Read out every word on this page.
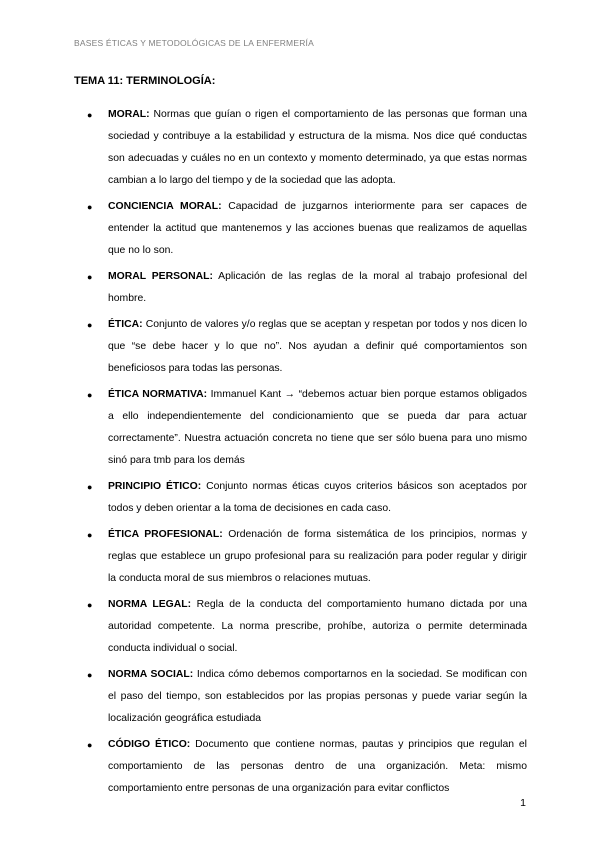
BASES ÉTICAS Y METODOLÓGICAS DE LA ENFERMERÍA
TEMA 11: TERMINOLOGÍA:
● MORAL: Normas que guían o rigen el comportamiento de las personas que forman una sociedad y contribuye a la estabilidad y estructura de la misma. Nos dice qué conductas son adecuadas y cuáles no en un contexto y momento determinado, ya que estas normas cambian a lo largo del tiempo y de la sociedad que las adopta.
● CONCIENCIA MORAL: Capacidad de juzgarnos interiormente para ser capaces de entender la actitud que mantenemos y las acciones buenas que realizamos de aquellas que no lo son.
● MORAL PERSONAL: Aplicación de las reglas de la moral al trabajo profesional del hombre.
● ÉTICA: Conjunto de valores y/o reglas que se aceptan y respetan por todos y nos dicen lo que “se debe hacer y lo que no”. Nos ayudan a definir qué comportamientos son beneficiosos para todas las personas.
● ÉTICA NORMATIVA: Immanuel Kant → “debemos actuar bien porque estamos obligados a ello independientemente del condicionamiento que se pueda dar para actuar correctamente”. Nuestra actuación concreta no tiene que ser sólo buena para uno mismo sinó para tmb para los demás
● PRINCIPIO ÉTICO: Conjunto normas éticas cuyos criterios básicos son aceptados por todos y deben orientar a la toma de decisiones en cada caso.
● ÉTICA PROFESIONAL: Ordenación de forma sistemática de los principios, normas y reglas que establece un grupo profesional para su realización para poder regular y dirigir la conducta moral de sus miembros o relaciones mutuas.
● NORMA LEGAL: Regla de la conducta del comportamiento humano dictada por una autoridad competente. La norma prescribe, prohíbe, autoriza o permite determinada conducta individual o social.
● NORMA SOCIAL: Indica cómo debemos comportarnos en la sociedad. Se modifican con el paso del tiempo, son establecidos por las propias personas y puede variar según la localización geográfica estudiada
● CÓDIGO ÉTICO: Documento que contiene normas, pautas y principios que regulan el comportamiento de las personas dentro de una organización. Meta: mismo comportamiento entre personas de una organización para evitar conflictos
1
